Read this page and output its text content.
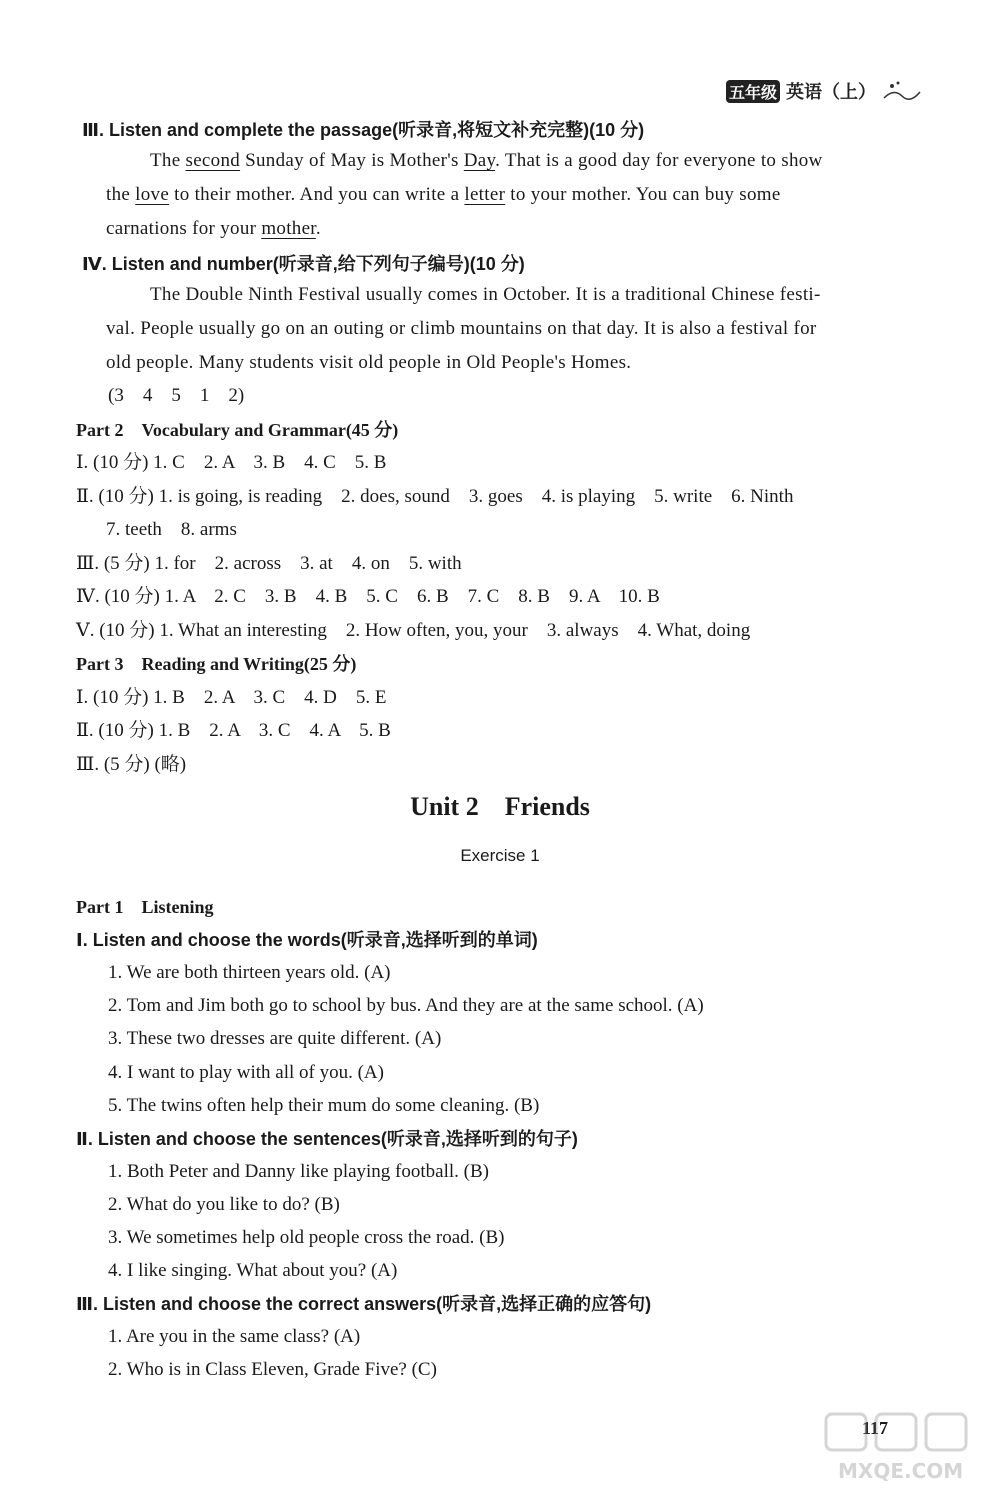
五年级 英语（上）
Ⅲ. Listen and complete the passage(听录音,将短文补充完整)(10 分)
The second Sunday of May is Mother's Day. That is a good day for everyone to show
the love to their mother. And you can write a letter to your mother. You can buy some
carnations for your mother.
Ⅳ. Listen and number(听录音,给下列句子编号)(10 分)
The Double Ninth Festival usually comes in October. It is a traditional Chinese festi-
val. People usually go on an outing or climb mountains on that day. It is also a festival for
old people. Many students visit old people in Old People's Homes.
(3　4　5　1　2)
Part 2　Vocabulary and Grammar(45 分)
Ⅰ. (10 分) 1. C　2. A　3. B　4. C　5. B
Ⅱ. (10 分) 1. is going, is reading　2. does, sound　3. goes　4. is playing　5. write　6. Ninth
7. teeth　8. arms
Ⅲ. (5 分) 1. for　2. across　3. at　4. on　5. with
Ⅳ. (10 分) 1. A　2. C　3. B　4. B　5. C　6. B　7. C　8. B　9. A　10. B
Ⅴ. (10 分) 1. What an interesting　2. How often, you, your　3. always　4. What, doing
Part 3　Reading and Writing(25 分)
Ⅰ. (10 分) 1. B　2. A　3. C　4. D　5. E
Ⅱ. (10 分) 1. B　2. A　3. C　4. A　5. B
Ⅲ. (5 分) (略)
Unit 2　Friends
Exercise 1
Part 1　Listening
Ⅰ. Listen and choose the words(听录音,选择听到的单词)
1. We are both thirteen years old. (A)
2. Tom and Jim both go to school by bus. And they are at the same school. (A)
3. These two dresses are quite different. (A)
4. I want to play with all of you. (A)
5. The twins often help their mum do some cleaning. (B)
Ⅱ. Listen and choose the sentences(听录音,选择听到的句子)
1. Both Peter and Danny like playing football. (B)
2. What do you like to do? (B)
3. We sometimes help old people cross the road. (B)
4. I like singing. What about you? (A)
Ⅲ. Listen and choose the correct answers(听录音,选择正确的应答句)
1. Are you in the same class? (A)
2. Who is in Class Eleven, Grade Five? (C)
117
MXQE.COM
